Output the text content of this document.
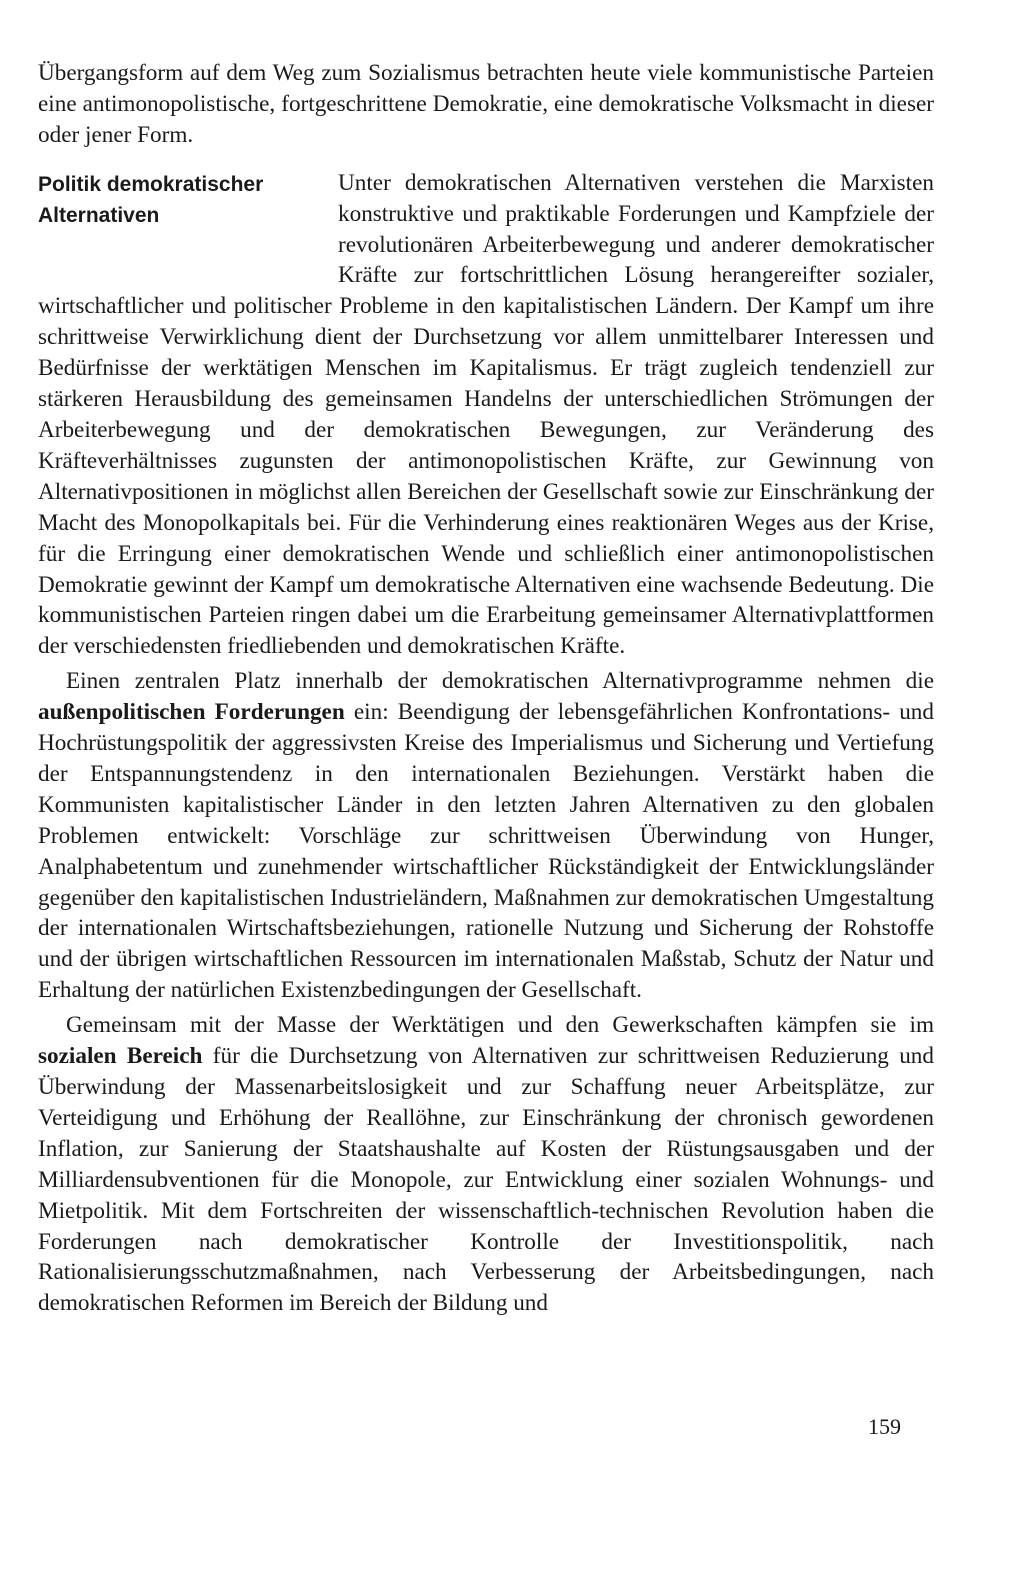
Übergangsform auf dem Weg zum Sozialismus betrachten heute viele kommunistische Parteien eine antimonopolistische, fortgeschrittene Demokratie, eine demokratische Volksmacht in dieser oder jener Form.

Politik demokratischer
Alternativen

Unter demokratischen Alternativen verstehen die Marxisten konstruktive und praktikable Forderungen und Kampfziele der revolutionären Arbeiterbewegung und anderer demokratischer Kräfte zur fortschrittlichen Lösung herangereifter sozialer, wirtschaftlicher und politischer Probleme in den kapitalistischen Ländern. Der Kampf um ihre schrittweise Verwirklichung dient der Durchsetzung vor allem unmittelbarer Interessen und Bedürfnisse der werktätigen Menschen im Kapitalismus. Er trägt zugleich tendenziell zur stärkeren Herausbildung des gemeinsamen Handelns der unterschiedlichen Strömungen der Arbeiterbewegung und der demokratischen Bewegungen, zur Veränderung des Kräfteverhältnisses zugunsten der antimonopolistischen Kräfte, zur Gewinnung von Alternativpositionen in möglichst allen Bereichen der Gesellschaft sowie zur Einschränkung der Macht des Monopolkapitals bei. Für die Verhinderung eines reaktionären Weges aus der Krise, für die Erringung einer demokratischen Wende und schließlich einer antimonopolistischen Demokratie gewinnt der Kampf um demokratische Alternativen eine wachsende Bedeutung. Die kommunistischen Parteien ringen dabei um die Erarbeitung gemeinsamer Alternativplattformen der verschiedensten friedliebenden und demokratischen Kräfte.

Einen zentralen Platz innerhalb der demokratischen Alternativprogramme nehmen die außenpolitischen Forderungen ein: Beendigung der lebensgefährlichen Konfrontations- und Hochrüstungspolitik der aggressivsten Kreise des Imperialismus und Sicherung und Vertiefung der Entspannungstendenz in den internationalen Beziehungen. Verstärkt haben die Kommunisten kapitalistischer Länder in den letzten Jahren Alternativen zu den globalen Problemen entwickelt: Vorschläge zur schrittweisen Überwindung von Hunger, Analphabetentum und zunehmender wirtschaftlicher Rückständigkeit der Entwicklungsländer gegenüber den kapitalistischen Industrieländern, Maßnahmen zur demokratischen Umgestaltung der internationalen Wirtschaftsbeziehungen, rationelle Nutzung und Sicherung der Rohstoffe und der übrigen wirtschaftlichen Ressourcen im internationalen Maßstab, Schutz der Natur und Erhaltung der natürlichen Existenzbedingungen der Gesellschaft.

Gemeinsam mit der Masse der Werktätigen und den Gewerkschaften kämpfen sie im sozialen Bereich für die Durchsetzung von Alternativen zur schrittweisen Reduzierung und Überwindung der Massenarbeitslosigkeit und zur Schaffung neuer Arbeitsplätze, zur Verteidigung und Erhöhung der Reallöhne, zur Einschränkung der chronisch gewordenen Inflation, zur Sanierung der Staatshaushalte auf Kosten der Rüstungsausgaben und der Milliardensubventionen für die Monopole, zur Entwicklung einer sozialen Wohnungs- und Mietpolitik. Mit dem Fortschreiten der wissenschaftlich-technischen Revolution haben die Forderungen nach demokratischer Kontrolle der Investitionspolitik, nach Rationalisierungsschutzmaßnahmen, nach Verbesserung der Arbeitsbedingungen, nach demokratischen Reformen im Bereich der Bildung und

159
